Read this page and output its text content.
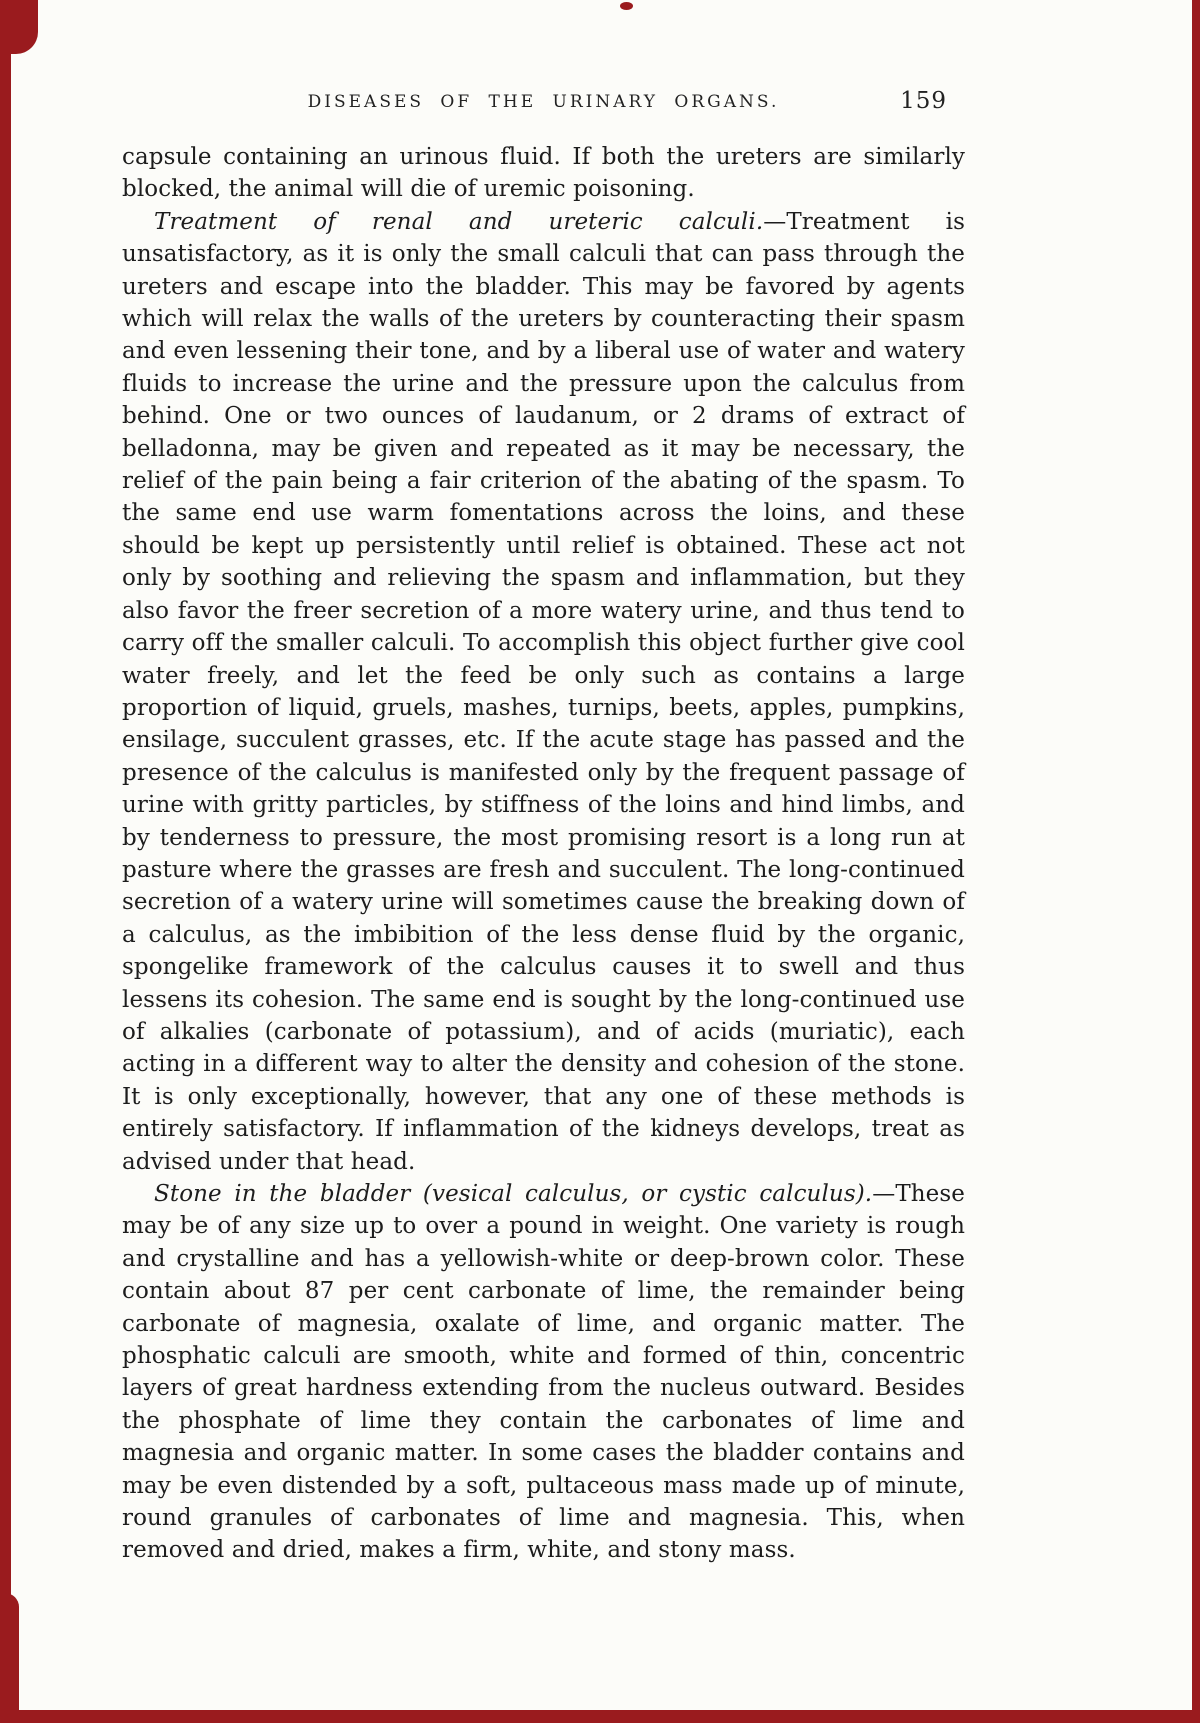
DISEASES OF THE URINARY ORGANS.	159

capsule containing an urinous fluid. If both the ureters are similarly blocked, the animal will die of uremic poisoning.

Treatment of renal and ureteric calculi.—Treatment is unsatisfactory, as it is only the small calculi that can pass through the ureters and escape into the bladder. This may be favored by agents which will relax the walls of the ureters by counteracting their spasm and even lessening their tone, and by a liberal use of water and watery fluids to increase the urine and the pressure upon the calculus from behind. One or two ounces of laudanum, or 2 drams of extract of belladonna, may be given and repeated as it may be necessary, the relief of the pain being a fair criterion of the abating of the spasm. To the same end use warm fomentations across the loins, and these should be kept up persistently until relief is obtained. These act not only by soothing and relieving the spasm and inflammation, but they also favor the freer secretion of a more watery urine, and thus tend to carry off the smaller calculi. To accomplish this object further give cool water freely, and let the feed be only such as contains a large proportion of liquid, gruels, mashes, turnips, beets, apples, pumpkins, ensilage, succulent grasses, etc. If the acute stage has passed and the presence of the calculus is manifested only by the frequent passage of urine with gritty particles, by stiffness of the loins and hind limbs, and by tenderness to pressure, the most promising resort is a long run at pasture where the grasses are fresh and succulent. The long-continued secretion of a watery urine will sometimes cause the breaking down of a calculus, as the imbibition of the less dense fluid by the organic, spongelike framework of the calculus causes it to swell and thus lessens its cohesion. The same end is sought by the long-continued use of alkalies (carbonate of potassium), and of acids (muriatic), each acting in a different way to alter the density and cohesion of the stone. It is only exceptionally, however, that any one of these methods is entirely satisfactory. If inflammation of the kidneys develops, treat as advised under that head.

Stone in the bladder (vesical calculus, or cystic calculus).—These may be of any size up to over a pound in weight. One variety is rough and crystalline and has a yellowish-white or deep-brown color. These contain about 87 per cent carbonate of lime, the remainder being carbonate of magnesia, oxalate of lime, and organic matter. The phosphatic calculi are smooth, white and formed of thin, concentric layers of great hardness extending from the nucleus outward. Besides the phosphate of lime they contain the carbonates of lime and magnesia and organic matter. In some cases the bladder contains and may be even distended by a soft, pultaceous mass made up of minute, round granules of carbonates of lime and magnesia. This, when removed and dried, makes a firm, white, and stony mass.
